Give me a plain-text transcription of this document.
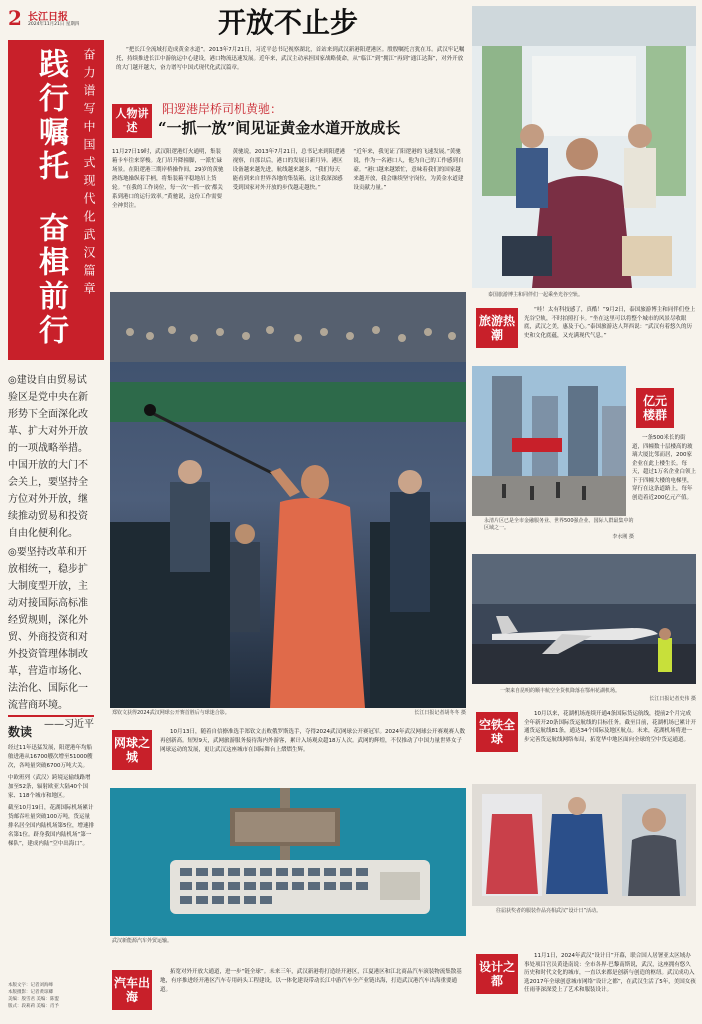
2 长江日报
2024年11月21日 星期四
践行嘱托
奋楫前行 奋力谱写中国式现代化武汉篇章
◎建设自由贸易试验区是党中央在新形势下全面深化改革、扩大对外开放的一项战略举措。中国开放的大门不会关上，要坚持全方位对外开放，继续推动贸易和投资自由化便利化。
◎要坚持改革和开放相统一，稳步扩大制度型开放，主动对接国际高标准经贸规则，深化外贸、外商投资和对外投资管理体制改革，营造市场化、法治化、国际化一流营商环境。
——习近平
数读
经过11年迅猛发展，阳逻港年均船舶进港从16700艘次增至51000艘次，各吨量突破6700万吨大关。
中欧班列（武汉）跨境运输线路增加至52条，辐射欧亚大陆40个国家、118个城市和地区。
截至10月19日，花湖国际机场累计货邮吞吐量突破100万吨，货运量排名居全国内陆机场第5位，增速排名第1位。跻身我国内陆机场“第一梯队”，建成内陆“空中出海口”。
本版文字：记者刘海峰
本版摄影：记者黄琼卿
美编：殷雪君 美编：陈盟
版式：段莉莉 美编：肖予
开放不止步
“把长江全流域打造成黄金水道”。2013年7月21日，习近平总书记视察湖北，首站来到武汉新港阳逻港区。殷殷嘱托言犹在耳。武汉牢记嘱托，持续推进长江中游航运中心建设，港口物流迅速发展。近年来，武汉主动承担国家战略使命，从“临江”到“拥江”再到“通江达海”，对外开放的大门越开越大，奋力谱写中国式现代化武汉篇章。
人物讲述
阳逻港岸桥司机黄驰：
“一抓一放”间见证黄金水道开放成长
11月27日19时，武汉阳逻港灯火通明，集装箱卡车往来穿梭。龙门吊升降撞脚，一派忙碌场景。在阳逻港三期岸桥操作间，29岁的黄驰熟练地操纵着手柄，将集装箱平稳地吊上货轮。“在我的工作岗位，每一次‘一抓一放’都关系到港口的运行效率。”黄驰说，这份工作需要全神贯注。
黄驰说，2013年7月21日，总书记来到阳逻港视察，自那以后，港口的发展日新月异。港区设备越来越先进，航线越来越多，“我们每天能看到来自世界各地的集装箱，这让我深深感受到国家对外开放的步伐越走越快。”
“近年来，我见证了阳逻港的飞速发展。”黄驰说，作为一名港口人，他为自己的工作感到自豪。“港口越来越繁忙，意味着我们的国家越来越开放，我会继续坚守岗位，为黄金水道建设贡献力量。”
郑钦文获得2024武汉网球公开赛首胜后与球迷合影。	长江日报记者胡冬冬 摄
网球之城
10月13日，随着自信撩准选手郑钦文击败俄罗斯选手，夺得2024武汉网球公开赛冠军。2024年武汉网球公开赛观赛人数再创新高。短短9天，武网旅游服务接待海内外游客，累计入场观众超18万人次。武网的辉煌，不仅推动了中国力量世界女子网球运动的发展，更让武汉这座城市在国际舞台上熠熠生辉。
武汉新能源汽车外贸运输。
汽车出海
拓宽对外开放大通道，进一步“链全球”。未来三年，武汉新港将打造经开港区，江夏港区和江北商品汽车滚装物流集散基地，有序推进经开港区汽车专用码头工程建设，以一体化建设带动长江中游汽车全产业链出海，打造武汉港汽车出海重要通道。
泰国旅游博主和同伴们一起乘坐光谷空轨。
旅游热潮
“哇！太有科技感了，真酷！”9月2日，泰国旅游博主和同伴们登上光谷空轨，不时拍照打卡。“坐在这里可以将整个城市的风景尽收眼底，武汉之美，惠及于心。”泰国旅游达人拜西说：“武汉有着悠久的历史和文化底蕴，又充满现代气息。”
永清片区已是全市金融服务业、世界500强企业、国际人群最集中的区域之一。
李水刚 摄
亿元楼群
一条500米长的街道，四幢数十层楼高的玻璃大厦比邻而居，200家企业在此上楼生长。每天，超过1万名企业白领上下于四幢大楼的电梯里，穿行在这条道路上，每年创造着近200亿元产值。
一架来自昆明的顺丰航空全货机降落在鄂州花湖机场。
长江日报记者史伟 摄
空铁全球
10月以来，花湖机场连续开通4条国际货运航线，提前2个月完成全年新开20条国际货运航线的目标任务。截至目前，花湖机场已累计开通货运航线81条，通达34个国际及地区航点。未来，花湖机场将进一步完善货运航线网络布局，拓宽华中地区面向全球的空中货运通道。
往届获奖者的服装作品亮相武汉“设计日”活动。
设计之都
11月1日，2024年武汉“设计日”开幕，联合国人居署亚太区域办事处项目官员黄逢南说：全市各界·巴黎南斯说，武汉，这座拥有悠久历史和时代文化的城市，一直以来都是创新与创造的枢纽。武汉成功入选2017年全球创意城市网络“设计之都”，在武汉生活了5年，美国女孩任雨菲深深爱上了艺术和服装设计。
